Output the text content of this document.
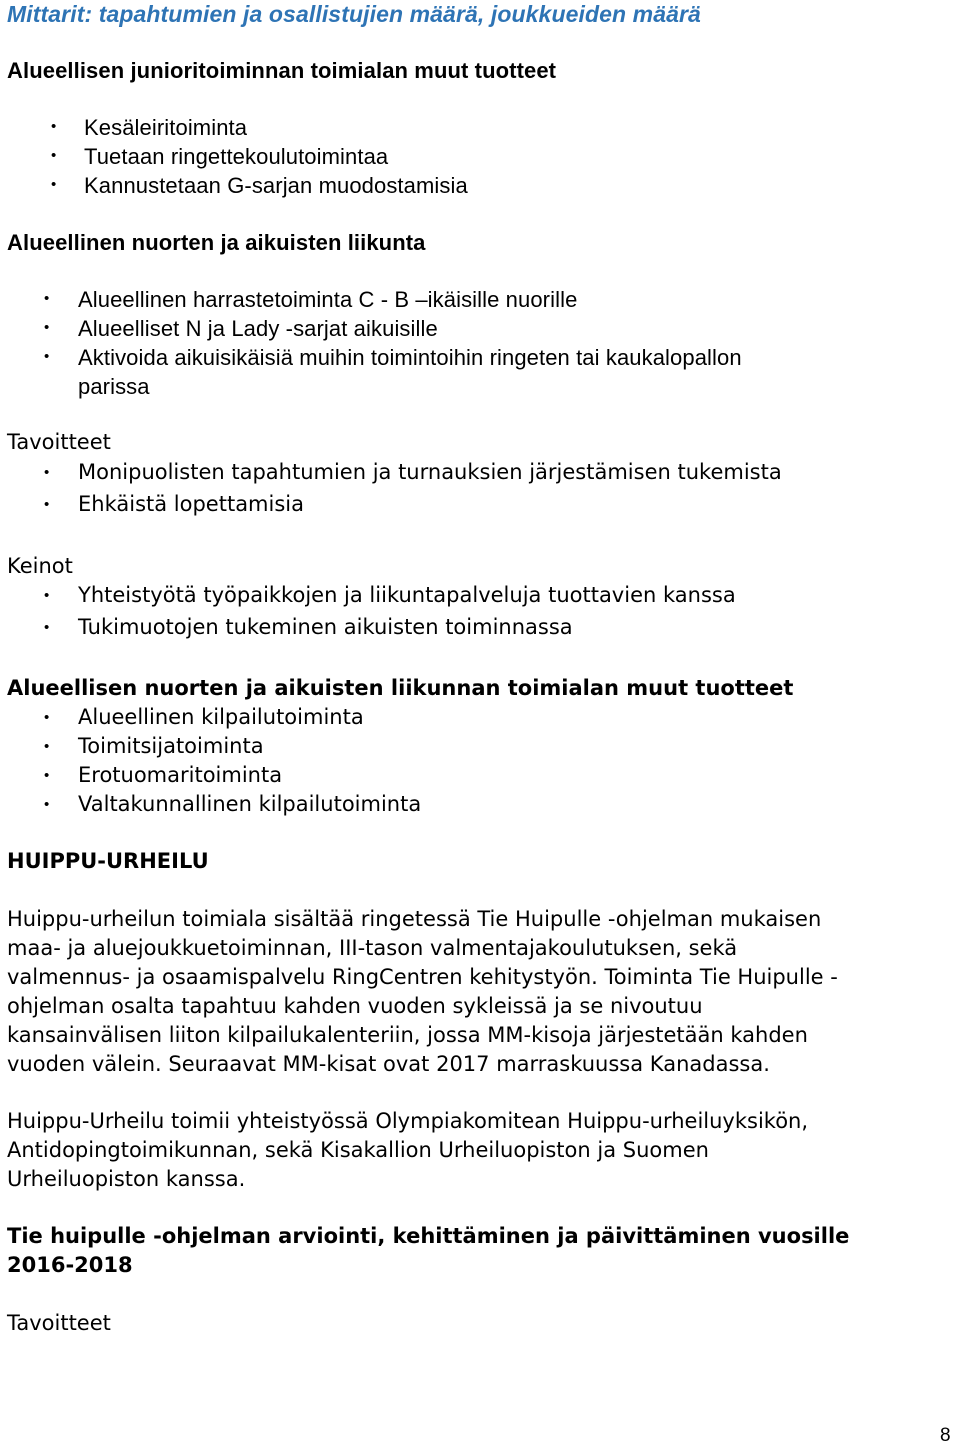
Mittarit: tapahtumien ja osallistujien määrä, joukkueiden määrä
Alueellisen junioritoiminnan toimialan muut tuotteet
• Kesäleiritoiminta
• Tuetaan ringettekoulutoimintaa
• Kannustetaan G-sarjan muodostamisia
Alueellinen nuorten ja aikuisten liikunta
• Alueellinen harrastetoiminta C - B –ikäisille nuorille
• Alueelliset N ja Lady -sarjat aikuisille
• Aktivoida aikuisikäisiä muihin toimintoihin ringeten tai kaukalopallon
parissa
Tavoitteet
• Monipuolisten tapahtumien ja turnauksien järjestämisen tukemista
• Ehkäistä lopettamisia
Keinot
• Yhteistyötä työpaikkojen ja liikuntapalveluja tuottavien kanssa
• Tukimuotojen tukeminen aikuisten toiminnassa
Alueellisen nuorten ja aikuisten liikunnan toimialan muut tuotteet
• Alueellinen kilpailutoiminta
• Toimitsijatoiminta
• Erotuomaritoiminta
• Valtakunnallinen kilpailutoiminta
HUIPPU-URHEILU
Huippu-urheilun toimiala sisältää ringetessä Tie Huipulle -ohjelman mukaisen
maa- ja aluejoukkuetoiminnan, III-tason valmentajakoulutuksen, sekä
valmennus- ja osaamispalvelu RingCentren kehitystyön. Toiminta Tie Huipulle -
ohjelman osalta tapahtuu kahden vuoden sykleissä ja se nivoutuu
kansainvälisen liiton kilpailukalenteriin, jossa MM-kisoja järjestetään kahden
vuoden välein. Seuraavat MM-kisat ovat 2017 marraskuussa Kanadassa.
Huippu-Urheilu toimii yhteistyössä Olympiakomitean Huippu-urheiluyksikön,
Antidopingtoimikunnan, sekä Kisakallion Urheiluopiston ja Suomen
Urheiluopiston kanssa.
Tie huipulle -ohjelman arviointi, kehittäminen ja päivittäminen vuosille
2016-2018
Tavoitteet
8
